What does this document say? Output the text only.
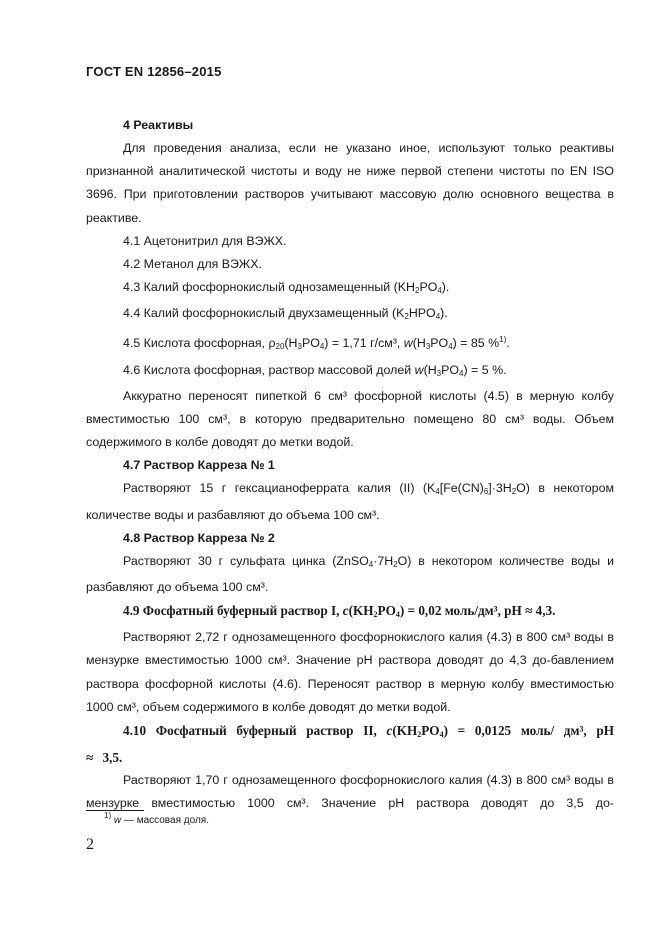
ГОСТ EN 12856–2015

4 Реактивы

Для проведения анализа, если не указано иное, используют только реактивы признанной аналитической чистоты и воду не ниже первой степени чистоты по EN ISO 3696. При приготовлении растворов учитывают массовую долю основного вещества в реактиве.

4.1 Ацетонитрил для ВЭЖХ.

4.2 Метанол для ВЭЖХ.

4.3 Калий фосфорнокислый однозамещенный $(KH_2PO_4)$.

4.4 Калий фосфорнокислый двухзамещенный $(K_2HPO_4)$.

4.5 Кислота фосфорная, $\rho_{20}(H_3PO_4) = 1,71$ г/см³, $w(H_3PO_4) = 85$ %$^{1)}$.

4.6 Кислота фосфорная, раствор массовой долей $w(H_3PO_4) = 5$ %.

Аккуратно переносят пипеткой 6 см³ фосфорной кислоты (4.5) в мерную колбу вместимостью 100 см³, в которую предварительно помещено 80 см³ воды. Объем содержимого в колбе доводят до метки водой.

4.7 Раствор Карреза № 1

Растворяют 15 г гексацианоферрата калия (II) $(K_4[Fe(CN)_6]\cdot 3H_2O)$ в некотором количестве воды и разбавляют до объема 100 см³.

4.8 Раствор Карреза № 2

Растворяют 30 г сульфата цинка $(ZnSO_4\cdot 7H_2O)$ в некотором количестве воды и разбавляют до объема 100 см³.

4.9 Фосфатный буферный раствор I, $c(KH_2PO_4) = 0,02$ моль/дм³, pH ≈ 4,3.

Растворяют 2,72 г однозамещенного фосфорнокислого калия (4.3) в 800 см³ воды в мензурке вместимостью 1000 см³. Значение pH раствора доводят до 4,3 до-бавлением раствора фосфорной кислоты (4.6). Переносят раствор в мерную колбу вместимостью 1000 см³, объем содержимого в колбе доводят до метки водой.

4.10 Фосфатный буферный раствор II, $c(KH_2PO_4) = 0,0125$ моль/ дм³, pH ≈ 3,5.

Растворяют 1,70 г однозамещенного фосфорнокислого калия (4.3) в 800 см³ воды в мензурке вместимостью 1000 см³. Значение pH раствора доводят до 3,5 до-

$^{1)}$ w — массовая доля.
2
